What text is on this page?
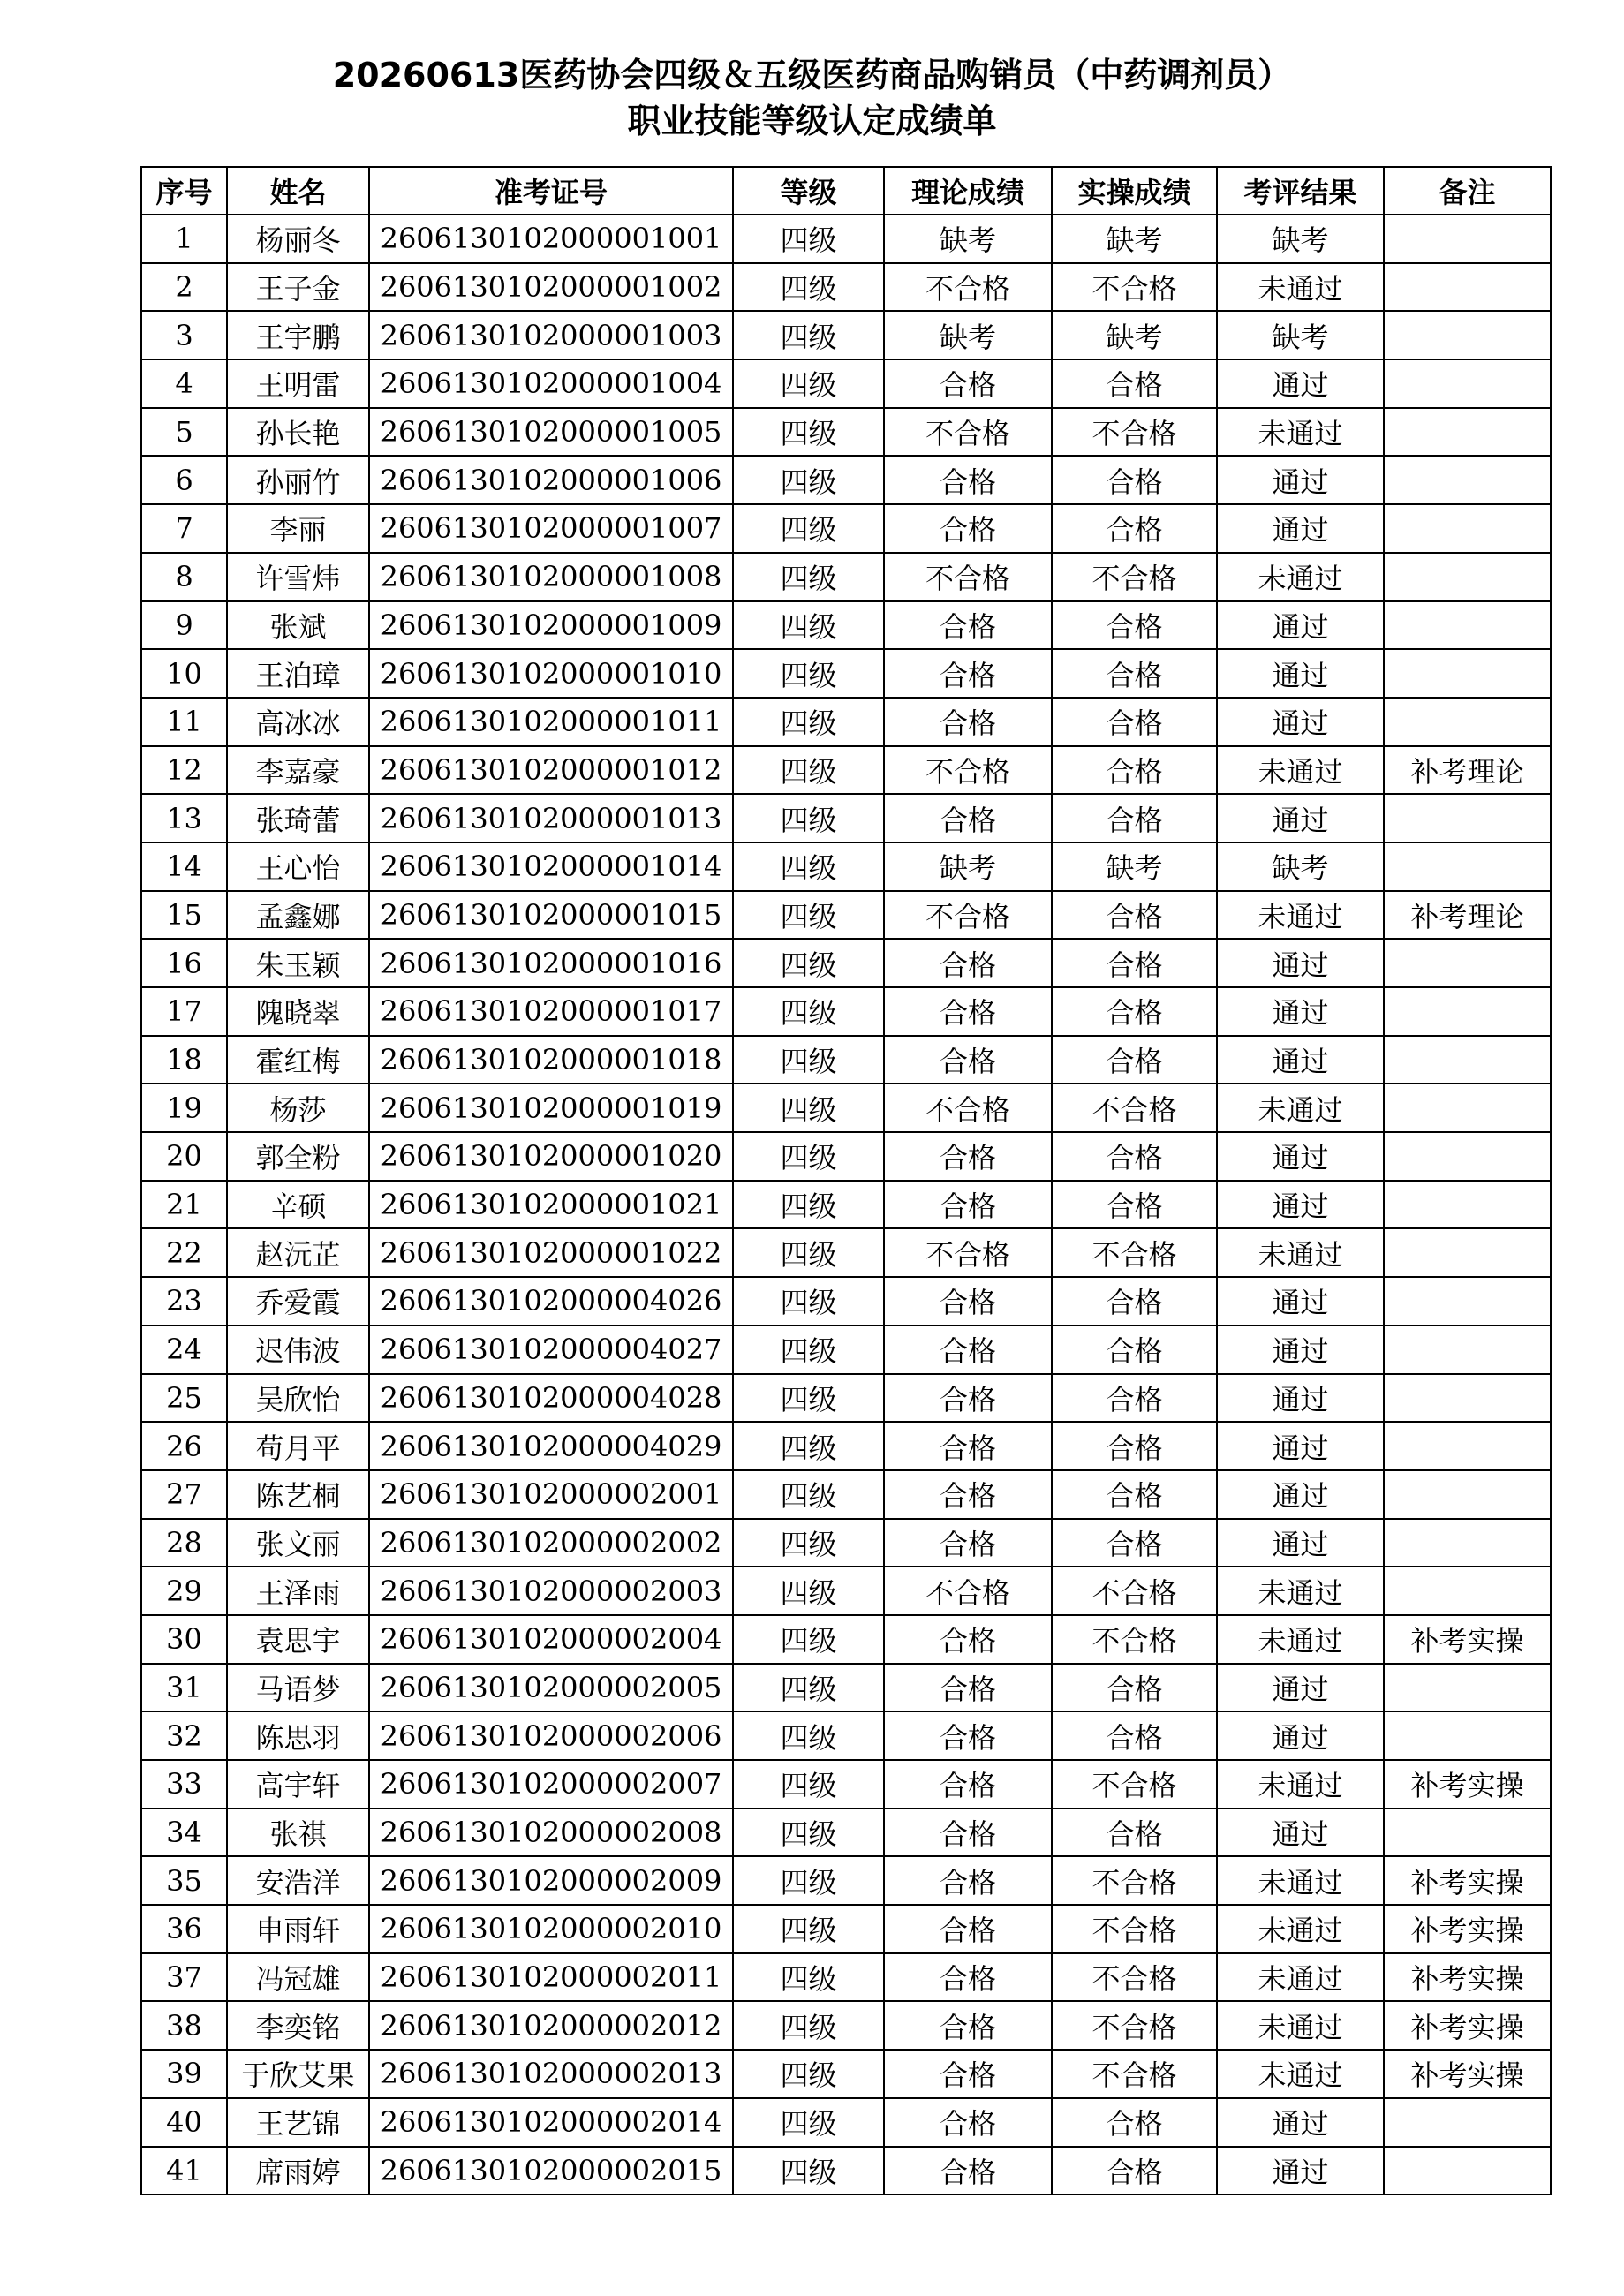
20260613医药协会四级＆五级医药商品购销员（中药调剂员）
职业技能等级认定成绩单
序号	姓名	准考证号	等级	理论成绩	实操成绩	考评结果	备注
1	杨丽冬	2606130102000001001	四级	缺考	缺考	缺考	
2	王子金	2606130102000001002	四级	不合格	不合格	未通过	
3	王宇鹏	2606130102000001003	四级	缺考	缺考	缺考	
4	王明雷	2606130102000001004	四级	合格	合格	通过	
5	孙长艳	2606130102000001005	四级	不合格	不合格	未通过	
6	孙丽竹	2606130102000001006	四级	合格	合格	通过	
7	李丽	2606130102000001007	四级	合格	合格	通过	
8	许雪炜	2606130102000001008	四级	不合格	不合格	未通过	
9	张斌	2606130102000001009	四级	合格	合格	通过	
10	王泊璋	2606130102000001010	四级	合格	合格	通过	
11	高冰冰	2606130102000001011	四级	合格	合格	通过	
12	李嘉豪	2606130102000001012	四级	不合格	合格	未通过	补考理论
13	张琦蕾	2606130102000001013	四级	合格	合格	通过	
14	王心怡	2606130102000001014	四级	缺考	缺考	缺考	
15	孟鑫娜	2606130102000001015	四级	不合格	合格	未通过	补考理论
16	朱玉颖	2606130102000001016	四级	合格	合格	通过	
17	隗晓翠	2606130102000001017	四级	合格	合格	通过	
18	霍红梅	2606130102000001018	四级	合格	合格	通过	
19	杨莎	2606130102000001019	四级	不合格	不合格	未通过	
20	郭全粉	2606130102000001020	四级	合格	合格	通过	
21	辛硕	2606130102000001021	四级	合格	合格	通过	
22	赵沅芷	2606130102000001022	四级	不合格	不合格	未通过	
23	乔爱霞	2606130102000004026	四级	合格	合格	通过	
24	迟伟波	2606130102000004027	四级	合格	合格	通过	
25	吴欣怡	2606130102000004028	四级	合格	合格	通过	
26	苟月平	2606130102000004029	四级	合格	合格	通过	
27	陈艺桐	2606130102000002001	四级	合格	合格	通过	
28	张文丽	2606130102000002002	四级	合格	合格	通过	
29	王泽雨	2606130102000002003	四级	不合格	不合格	未通过	
30	袁思宇	2606130102000002004	四级	合格	不合格	未通过	补考实操
31	马语梦	2606130102000002005	四级	合格	合格	通过	
32	陈思羽	2606130102000002006	四级	合格	合格	通过	
33	高宇轩	2606130102000002007	四级	合格	不合格	未通过	补考实操
34	张祺	2606130102000002008	四级	合格	合格	通过	
35	安浩洋	2606130102000002009	四级	合格	不合格	未通过	补考实操
36	申雨轩	2606130102000002010	四级	合格	不合格	未通过	补考实操
37	冯冠雄	2606130102000002011	四级	合格	不合格	未通过	补考实操
38	李奕铭	2606130102000002012	四级	合格	不合格	未通过	补考实操
39	于欣艾果	2606130102000002013	四级	合格	不合格	未通过	补考实操
40	王艺锦	2606130102000002014	四级	合格	合格	通过	
41	席雨婷	2606130102000002015	四级	合格	合格	通过	
